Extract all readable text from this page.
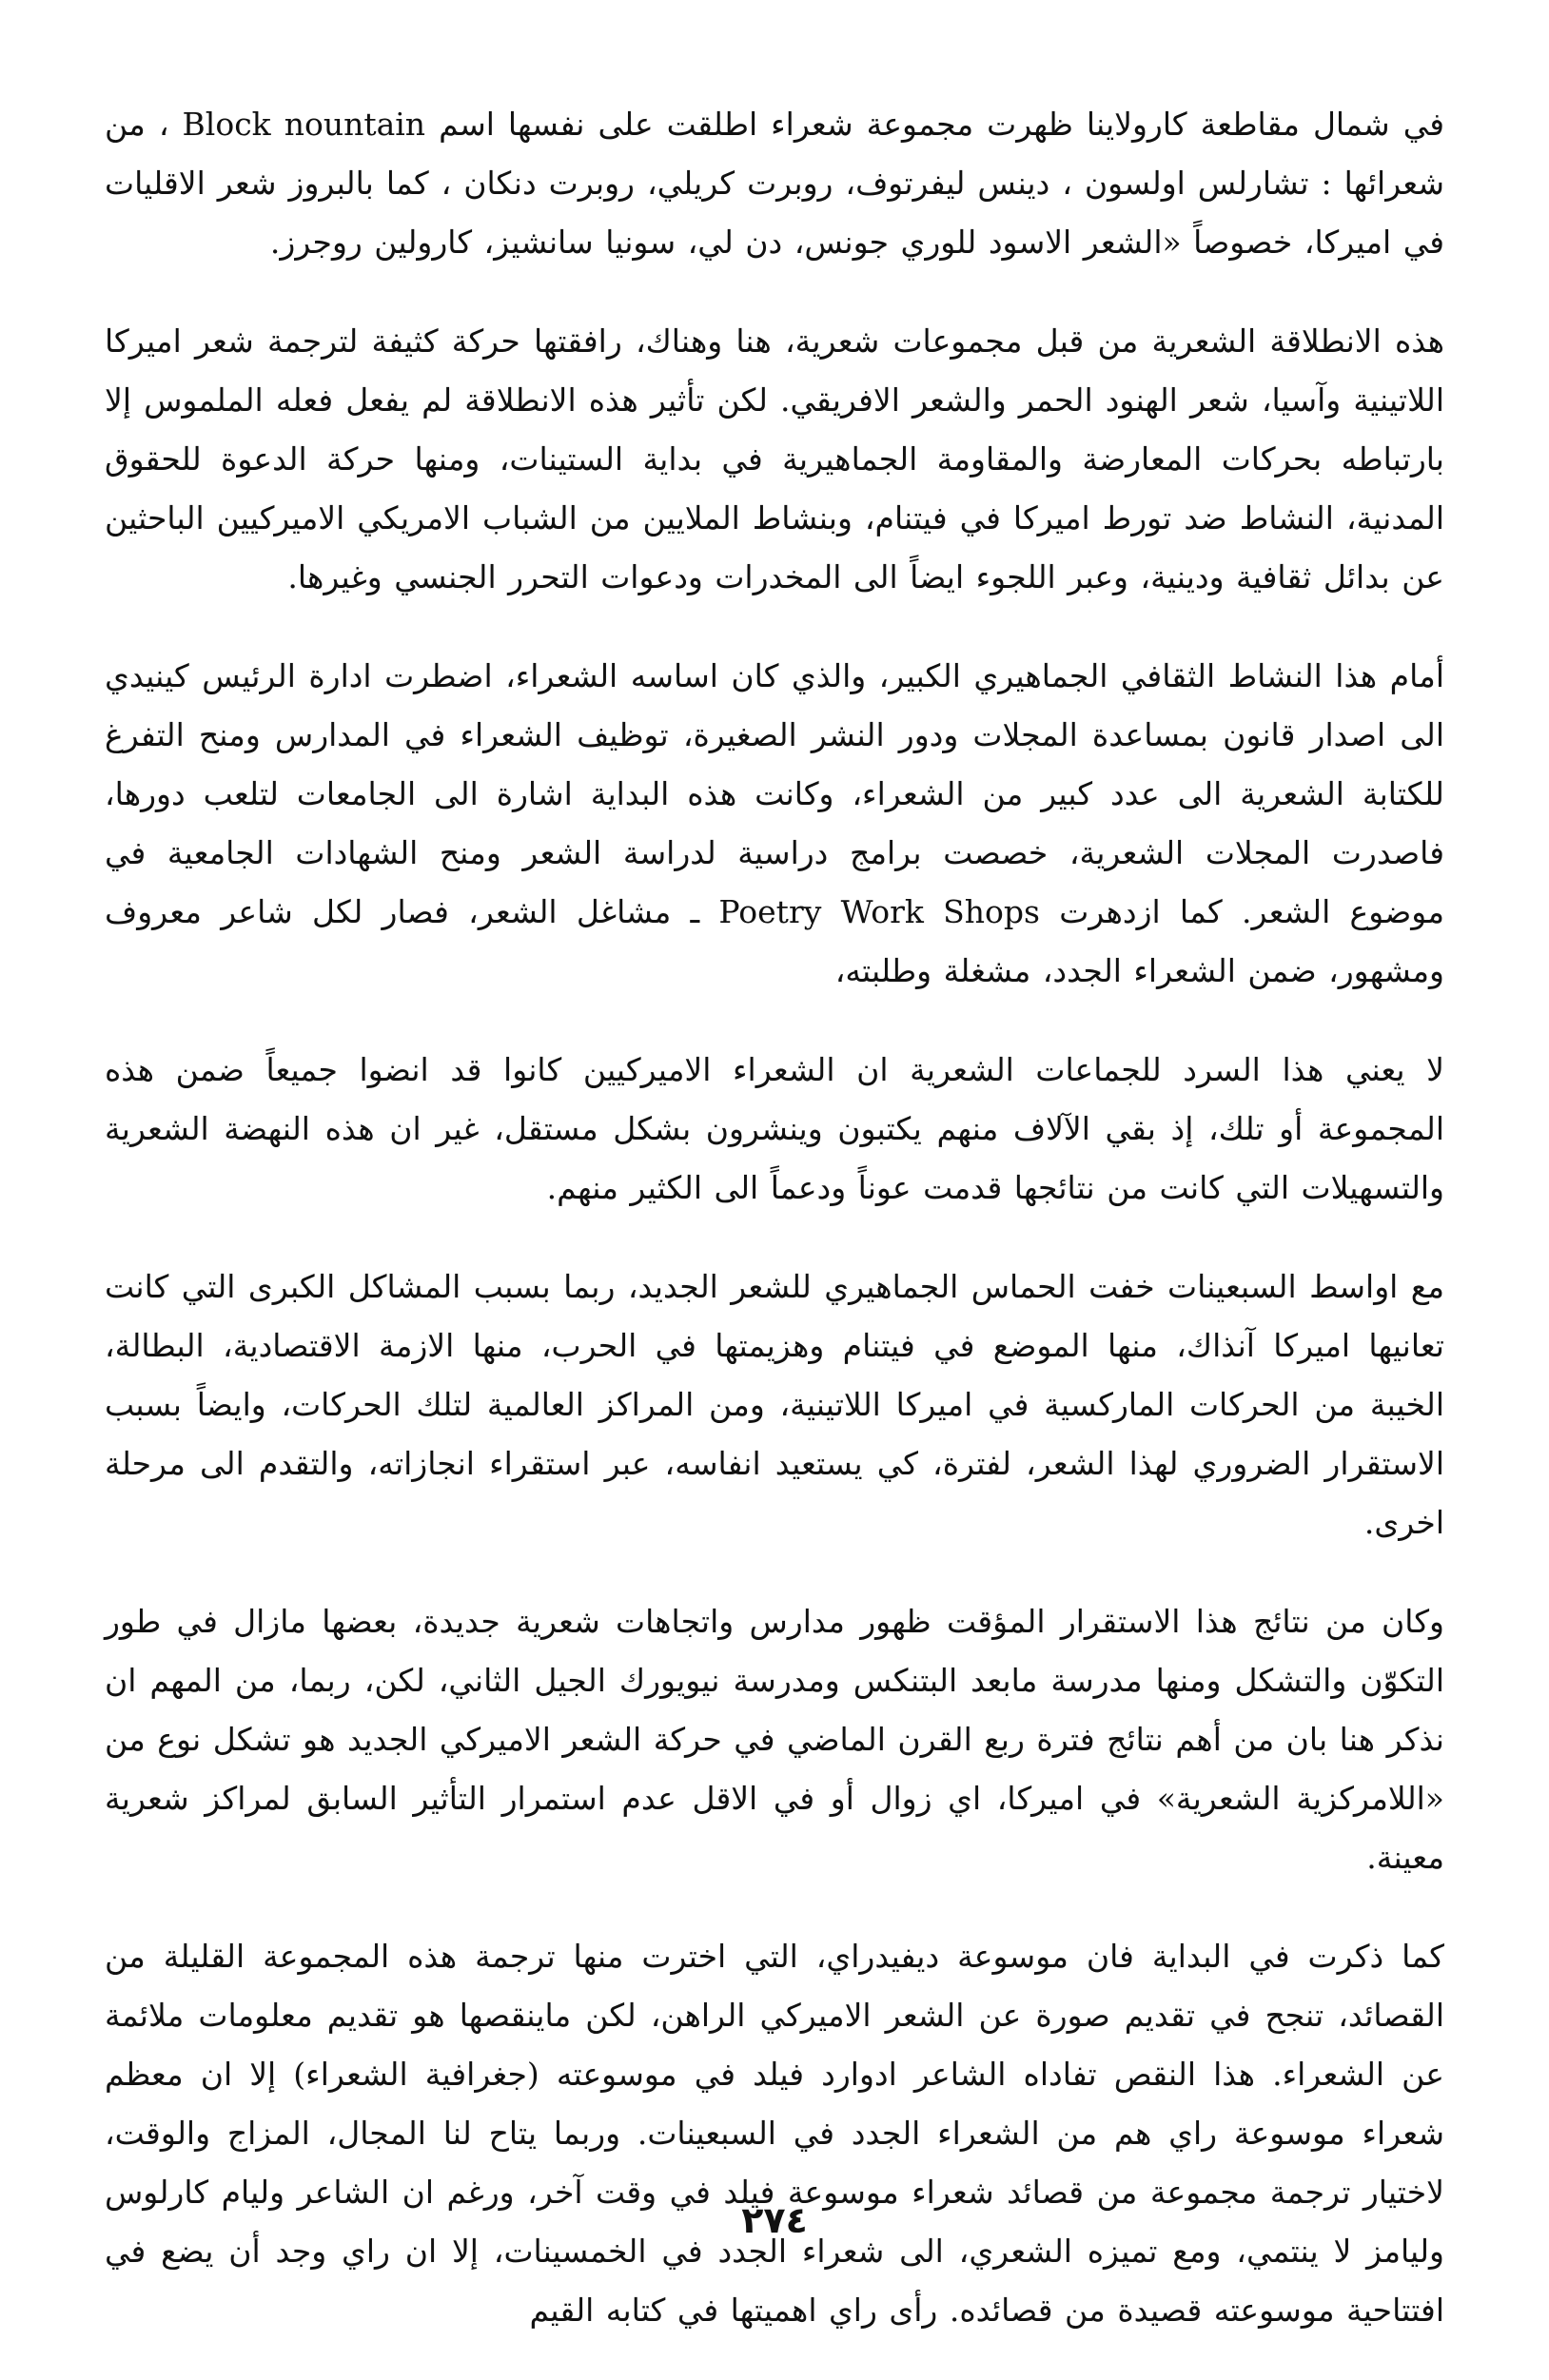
في شمال مقاطعة كارولاينا ظهرت مجموعة شعراء اطلقت على نفسها اسم Block nountain ، من شعرائها : تشارلس اولسون ، دينس ليفرتوف، روبرت كريلي، روبرت دنكان ، كما بالبروز شعر الاقليات في اميركا، خصوصاً «الشعر الاسود للوري جونس، دن لي، سونيا سانشيز، كارولين روجرز.

هذه الانطلاقة الشعرية من قبل مجموعات شعرية، هنا وهناك، رافقتها حركة كثيفة لترجمة شعر اميركا اللاتينية وآسيا، شعر الهنود الحمر والشعر الافريقي. لكن تأثير هذه الانطلاقة لم يفعل فعله الملموس إلا بارتباطه بحركات المعارضة والمقاومة الجماهيرية في بداية الستينات، ومنها حركة الدعوة للحقوق المدنية، النشاط ضد تورط اميركا في فيتنام، وبنشاط الملايين من الشباب الامريكي الاميركيين الباحثين عن بدائل ثقافية ودينية، وعبر اللجوء ايضاً الى المخدرات ودعوات التحرر الجنسي وغيرها.

أمام هذا النشاط الثقافي الجماهيري الكبير، والذي كان اساسه الشعراء، اضطرت ادارة الرئيس كينيدي الى اصدار قانون بمساعدة المجلات ودور النشر الصغيرة، توظيف الشعراء في المدارس ومنح التفرغ للكتابة الشعرية الى عدد كبير من الشعراء، وكانت هذه البداية اشارة الى الجامعات لتلعب دورها، فاصدرت المجلات الشعرية، خصصت برامج دراسية لدراسة الشعر ومنح الشهادات الجامعية في موضوع الشعر. كما ازدهرت Poetry Work Shops ـ مشاغل الشعر، فصار لكل شاعر معروف ومشهور، ضمن الشعراء الجدد، مشغلة وطلبته،

لا يعني هذا السرد للجماعات الشعرية ان الشعراء الاميركيين كانوا قد انضوا جميعاً ضمن هذه المجموعة أو تلك، إذ بقي الآلاف منهم يكتبون وينشرون بشكل مستقل، غير ان هذه النهضة الشعرية والتسهيلات التي كانت من نتائجها قدمت عوناً ودعماً الى الكثير منهم.

مع اواسط السبعينات خفت الحماس الجماهيري للشعر الجديد، ربما بسبب المشاكل الكبرى التي كانت تعانيها اميركا آنذاك، منها الموضع في فيتنام وهزيمتها في الحرب، منها الازمة الاقتصادية، البطالة، الخيبة من الحركات الماركسية في اميركا اللاتينية، ومن المراكز العالمية لتلك الحركات، وايضاً بسبب الاستقرار الضروري لهذا الشعر، لفترة، كي يستعيد انفاسه، عبر استقراء انجازاته، والتقدم الى مرحلة اخرى.

وكان من نتائج هذا الاستقرار المؤقت ظهور مدارس واتجاهات شعرية جديدة، بعضها مازال في طور التكوّن والتشكل ومنها مدرسة مابعد البتنكس ومدرسة نيويورك الجيل الثاني، لكن، ربما، من المهم ان نذكر هنا بان من أهم نتائج فترة ربع القرن الماضي في حركة الشعر الاميركي الجديد هو تشكل نوع من «اللامركزية الشعرية» في اميركا، اي زوال أو في الاقل عدم استمرار التأثير السابق لمراكز شعرية معينة.

كما ذكرت في البداية فان موسوعة ديفيدراي، التي اخترت منها ترجمة هذه المجموعة القليلة من القصائد، تنجح في تقديم صورة عن الشعر الاميركي الراهن، لكن ماينقصها هو تقديم معلومات ملائمة عن الشعراء. هذا النقص تفاداه الشاعر ادوارد فيلد في موسوعته (جغرافية الشعراء) إلا ان معظم شعراء موسوعة راي هم من الشعراء الجدد في السبعينات. وربما يتاح لنا المجال، المزاج والوقت، لاختيار ترجمة مجموعة من قصائد شعراء موسوعة فيلد في وقت آخر، ورغم ان الشاعر وليام كارلوس وليامز لا ينتمي، ومع تميزه الشعري، الى شعراء الجدد في الخمسينات، إلا ان راي وجد أن يضع في افتتاحية موسوعته قصيدة من قصائده. رأى راي اهميتها في كتابه القيم

٢٧٤
